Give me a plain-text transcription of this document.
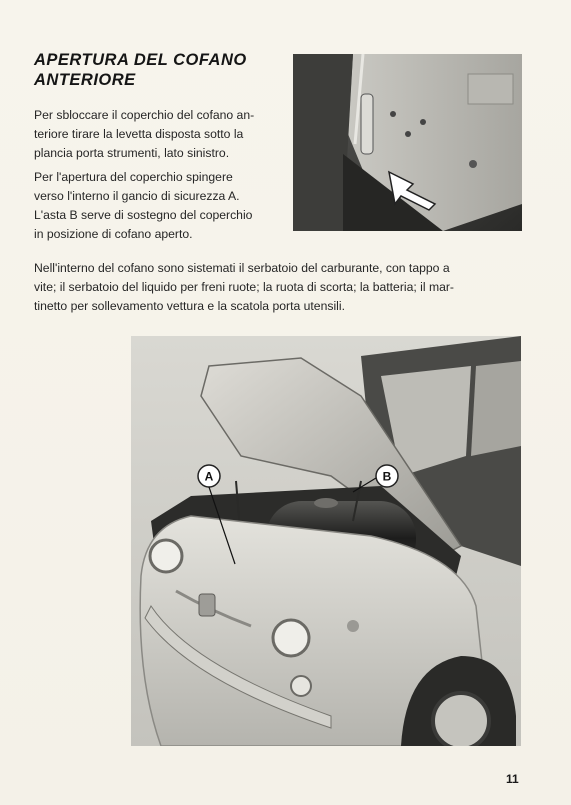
APERTURA DEL COFANO
ANTERIORE

Per sbloccare il coperchio del cofano an-
teriore tirare la levetta disposta sotto la
plancia porta strumenti, lato sinistro.

Per l'apertura del coperchio spingere
verso l'interno il gancio di sicurezza A.
L'asta B serve di sostegno del coperchio
in posizione di cofano aperto.

Nell'interno del cofano sono sistemati il serbatoio del carburante, con tappo a
vite; il serbatoio del liquido per freni ruote; la ruota di scorta; la batteria; il mar-
tinetto per sollevamento vettura e la scatola porta utensili.

A	B
11
